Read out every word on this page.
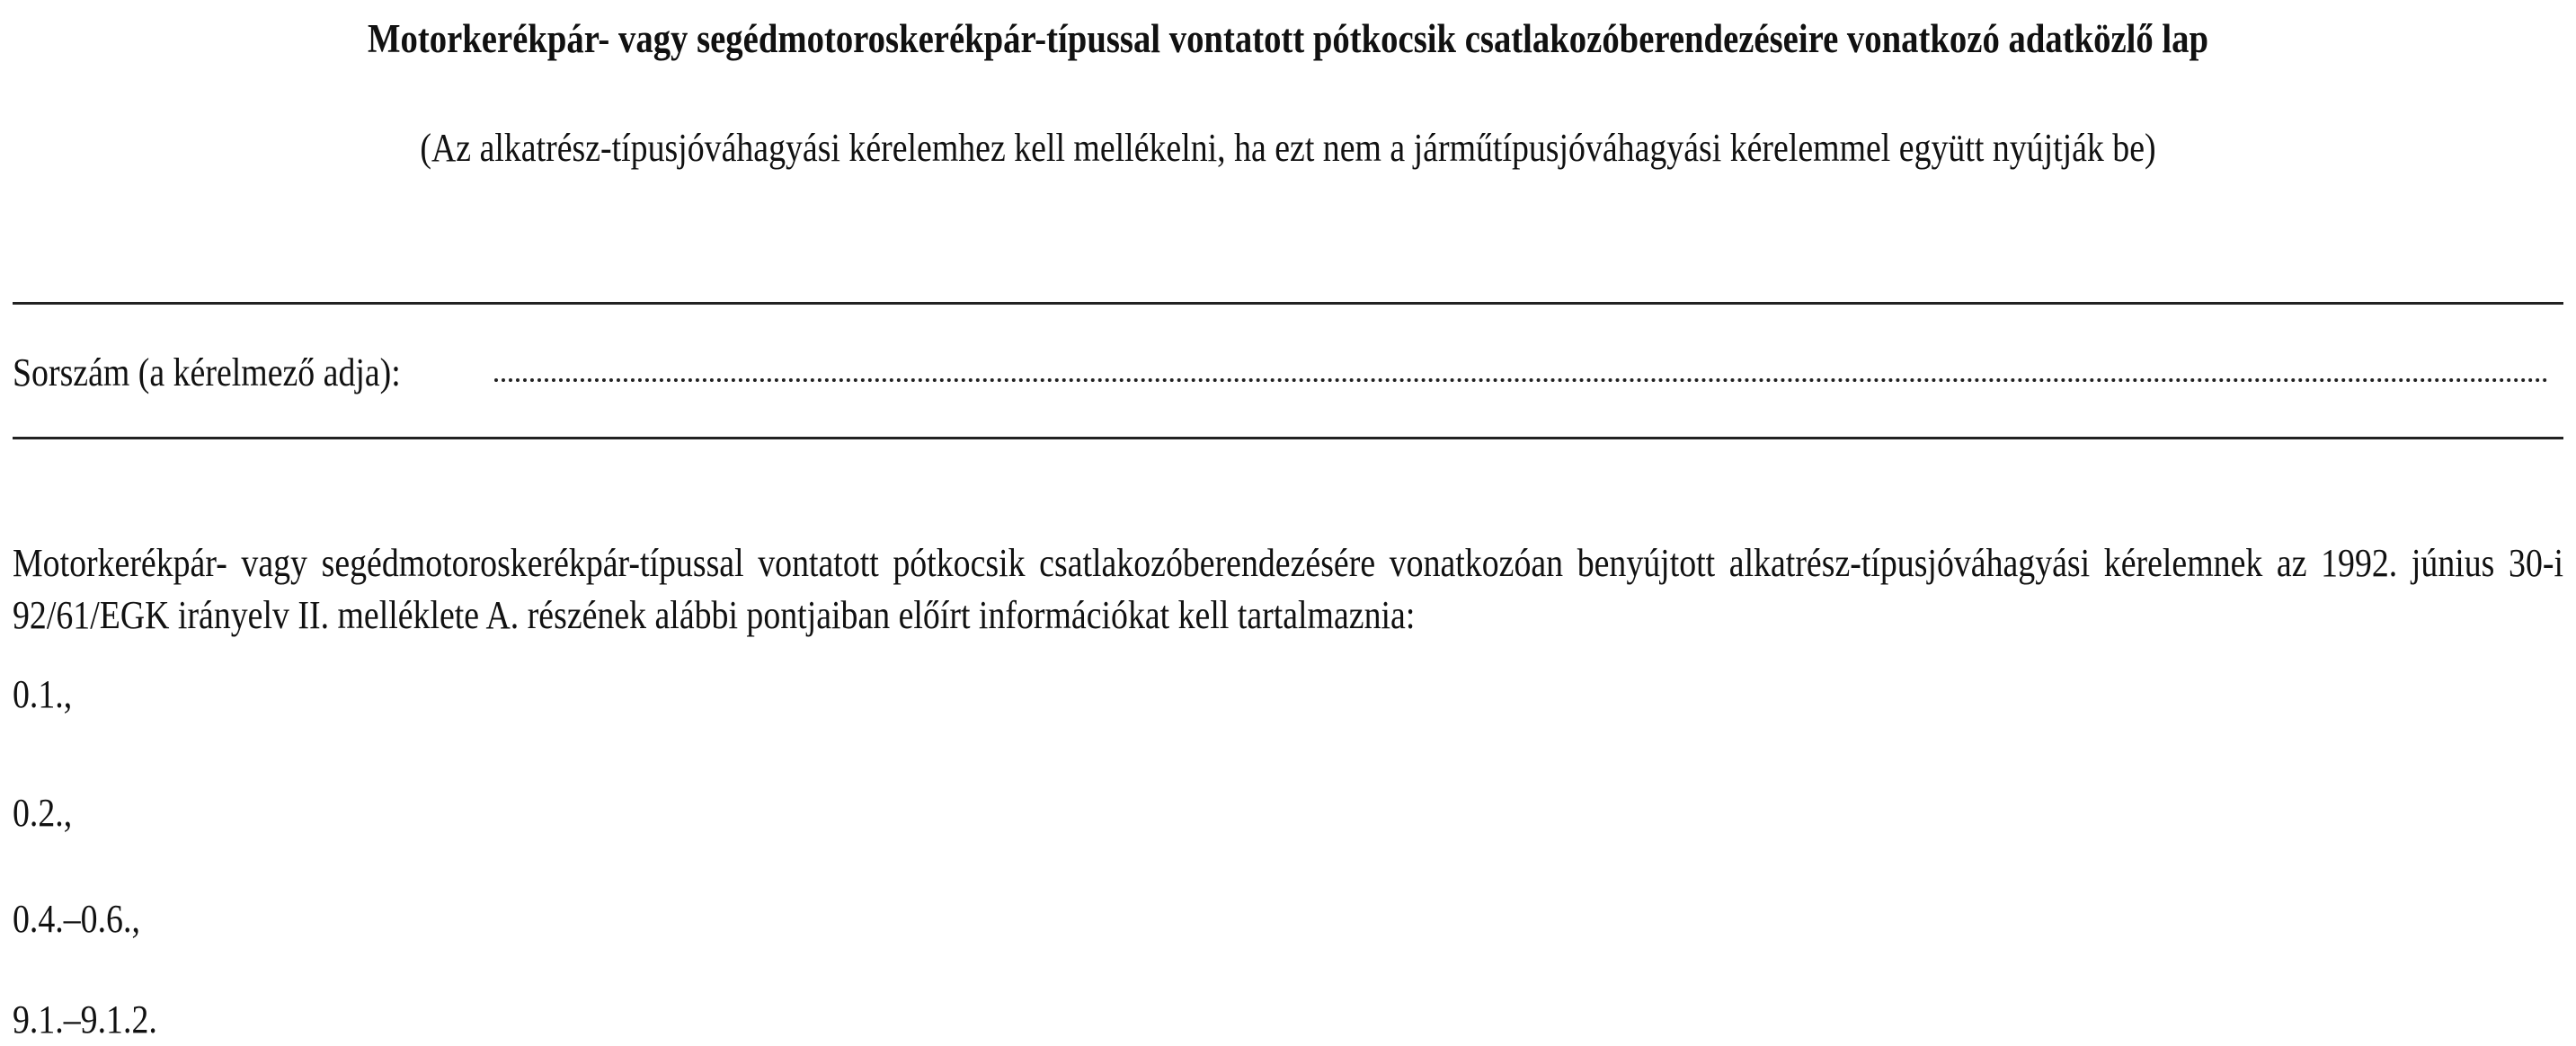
Motorkerékpár- vagy segédmotoroskerékpár-típussal vontatott pótkocsik csatlakozóberendezéseire vonatkozó adatközlő lap
(Az alkatrész-típusjóváhagyási kérelemhez kell mellékelni, ha ezt nem a járműtípusjóváhagyási kérelemmel együtt nyújtják be)
Sorszám (a kérelmező adja):
Motorkerékpár- vagy segédmotoroskerékpár-típussal vontatott pótkocsik csatlakozóberendezésére vonatkozóan benyújtott alkatrész-típusjóváhagyási kérelemnek az 1992. június 30-i 92/61/EGK irányelv II. melléklete A. részének alábbi pontjaiban előírt információkat kell tartalmaznia:
0.1.,
0.2.,
0.4.–0.6.,
9.1.–9.1.2.
